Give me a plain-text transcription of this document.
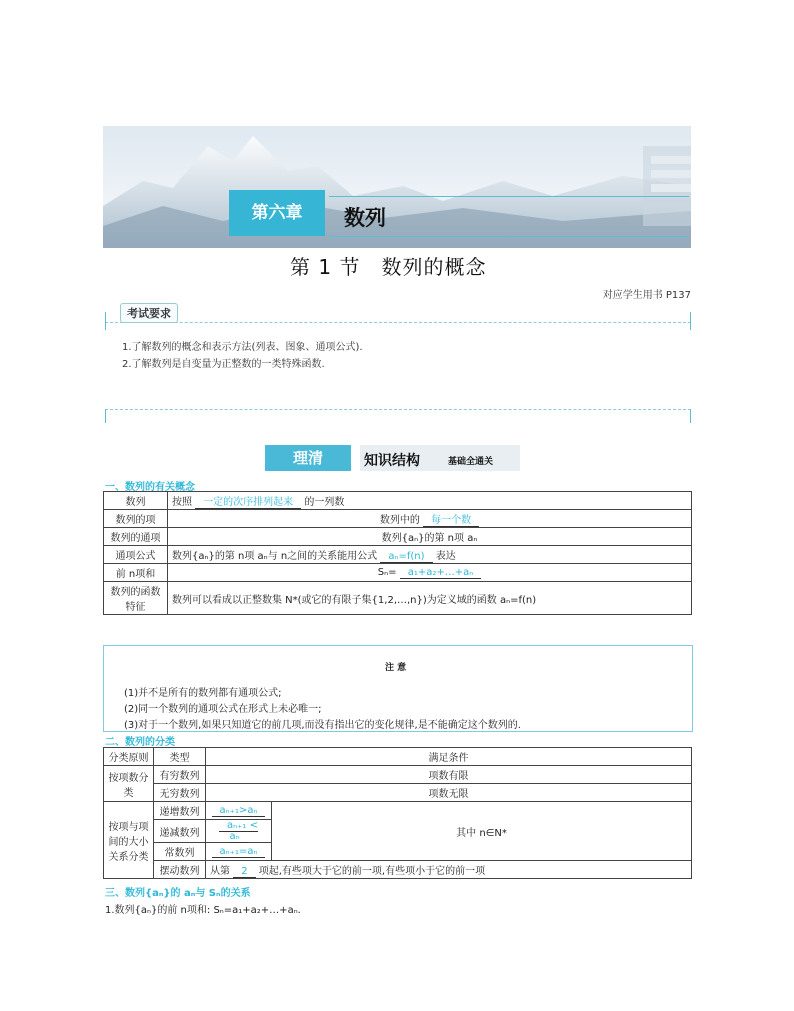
第六章	数列
第 1 节　数列的概念
对应学生用书 P137
考试要求
1.了解数列的概念和表示方法(列表、图象、通项公式).
2.了解数列是自变量为正整数的一类特殊函数.
理清	知识结构	基础全通关
一、数列的有关概念
数列	按照 一定的次序排列起来 的一列数
数列的项	数列中的 每一个数
数列的通项	数列{aₙ}的第 n项 aₙ
通项公式	数列{aₙ}的第 n项 aₙ与 n之间的关系能用公式 aₙ=f(n) 表达
前 n项和	Sₙ= a₁+a₂+…+aₙ
数列的函数特征	数列可以看成以正整数集 N*(或它的有限子集{1,2,…,n})为定义域的函数 aₙ=f(n)
注 意
(1)并不是所有的数列都有通项公式;
(2)同一个数列的通项公式在形式上未必唯一;
(3)对于一个数列,如果只知道它的前几项,而没有指出它的变化规律,是不能确定这个数列的.
二、数列的分类
分类原则	类型	满足条件	
按项数分类	有穷数列	项数有限	
	无穷数列	项数无限	
按项与项间的大小关系分类	递增数列	aₙ₊₁>aₙ	其中 n∈N*
	递减数列	aₙ₊₁ < aₙ	
	常数列	aₙ₊₁=aₙ	
	摆动数列	从第 2 项起,有些项大于它的前一项,有些项小于它的前一项	
三、数列{aₙ}的 aₙ与 Sₙ的关系
1.数列{aₙ}的前 n项和: Sₙ=a₁+a₂+…+aₙ.
